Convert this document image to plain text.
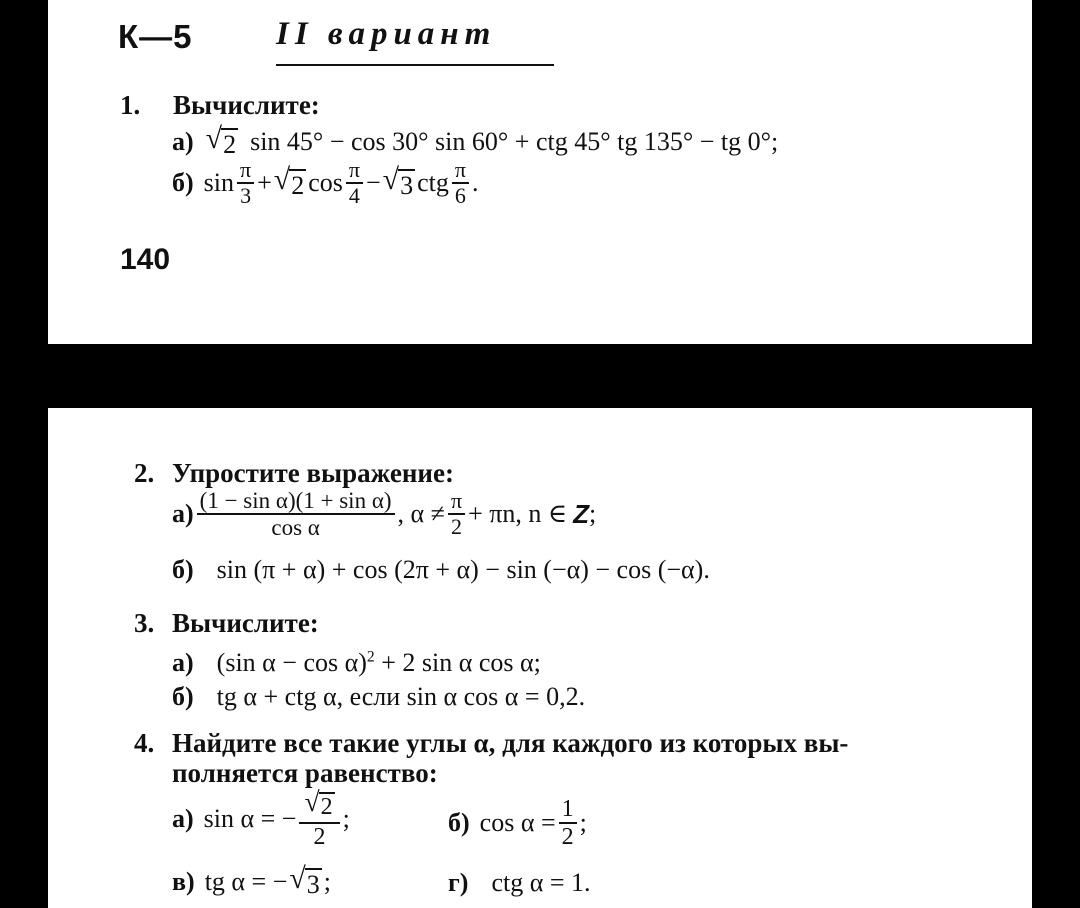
К—5	II вариант
1. Вычислите:
а) √ 2 sin 45° − cos 30° sin 60° + ctg 45° tg 135° − tg 0°;
б) $\sin \frac{\pi}{3}$ + √ 2 $\cos \frac{\pi}{4}$ − √ 3 ctg $\frac{\pi}{6}$ .
140
2. Упростите выражение:
$а) \frac{\text{(1 − sin α)(1 + sin α)}}{\text{cos α}}$ , $\alpha \ne \frac{\pi}{2} + \pi n$, n ∈ Z ;
б) sin (π + α) + cos (2π + α) − sin (−α) − cos (−α).
3. Вычислите:
а) (sin α − cos α)$^2$ + 2 sin α cos α;
б) tg α + ctg α, если sin α cos α = 0,2.
4. Найдите все такие углы α, для каждого из которых вы-
полняется равенство:
а) sin α = − $\frac{√ 2}{2}$ ;	б) $\cos \alpha = \frac{1}{2}$ ;
в) tg α = − √ 3 ;	г) ctg α = 1.
